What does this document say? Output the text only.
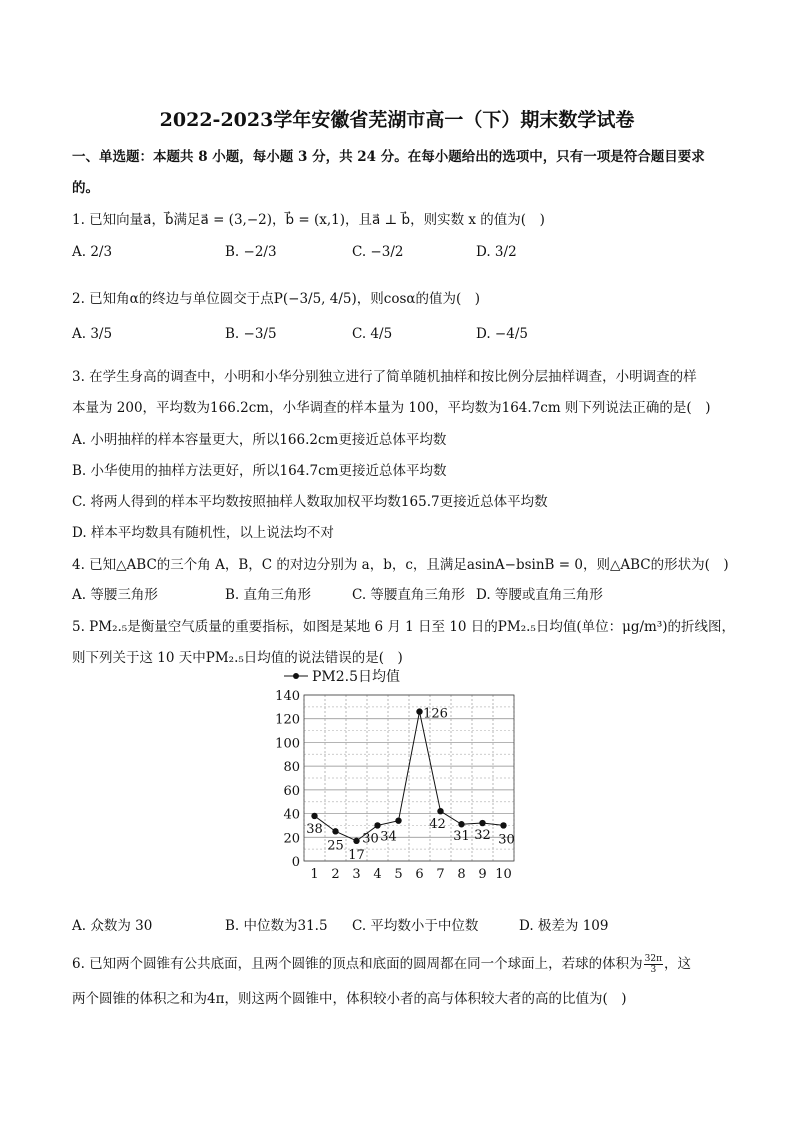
2022-2023学年安徽省芜湖市高一（下）期末数学试卷
一、单选题：本题共 8 小题，每小题 3 分，共 24 分。在每小题给出的选项中，只有一项是符合题目要求
的。
1. 已知向量a⃗，b⃗满足a⃗ = (3,−2)，b⃗ = (x,1)，且a⃗ ⊥ b⃗，则实数 x 的值为(　)
A. 2/3	B. −2/3	C. −3/2	D. 3/2
2. 已知角α的终边与单位圆交于点P(−3/5, 4/5)，则cosα的值为(　)
A. 3/5	B. −3/5	C. 4/5	D. −4/5
3. 在学生身高的调查中，小明和小华分别独立进行了简单随机抽样和按比例分层抽样调查，小明调查的样
本量为 200，平均数为166.2cm，小华调查的样本量为 100，平均数为164.7cm 则下列说法正确的是(　)
A. 小明抽样的样本容量更大，所以166.2cm更接近总体平均数
B. 小华使用的抽样方法更好，所以164.7cm更接近总体平均数
C. 将两人得到的样本平均数按照抽样人数取加权平均数165.7更接近总体平均数
D. 样本平均数具有随机性，以上说法均不对
4. 已知△ABC的三个角 A，B，C 的对边分别为 a，b，c，且满足asinA−bsinB = 0，则△ABC的形状为(　)
A. 等腰三角形	B. 直角三角形	C. 等腰直角三角形 D. 等腰或直角三角形
5. PM₂.₅是衡量空气质量的重要指标，如图是某地 6 月 1 日至 10 日的PM₂.₅日均值(单位：μg/m³)的折线图，
则下列关于这 10 天中PM₂.₅日均值的说法错误的是(　)
PM2.5日均值
0
20
40
60
80
100
120
140
1 2 3 4 5 6 7 8 9 10
38
25
17
30 34
126
42
31 32 30
A. 众数为 30	B. 中位数为31.5 C. 平均数小于中位数	D. 极差为 109
6. 已知两个圆锥有公共底面，且两个圆锥的顶点和底面的圆周都在同一个球面上，若球的体积为 $\frac{32\pi}{3}$ ，这
两个圆锥的体积之和为4π，则这两个圆锥中，体积较小者的高与体积较大者的高的比值为(　)
